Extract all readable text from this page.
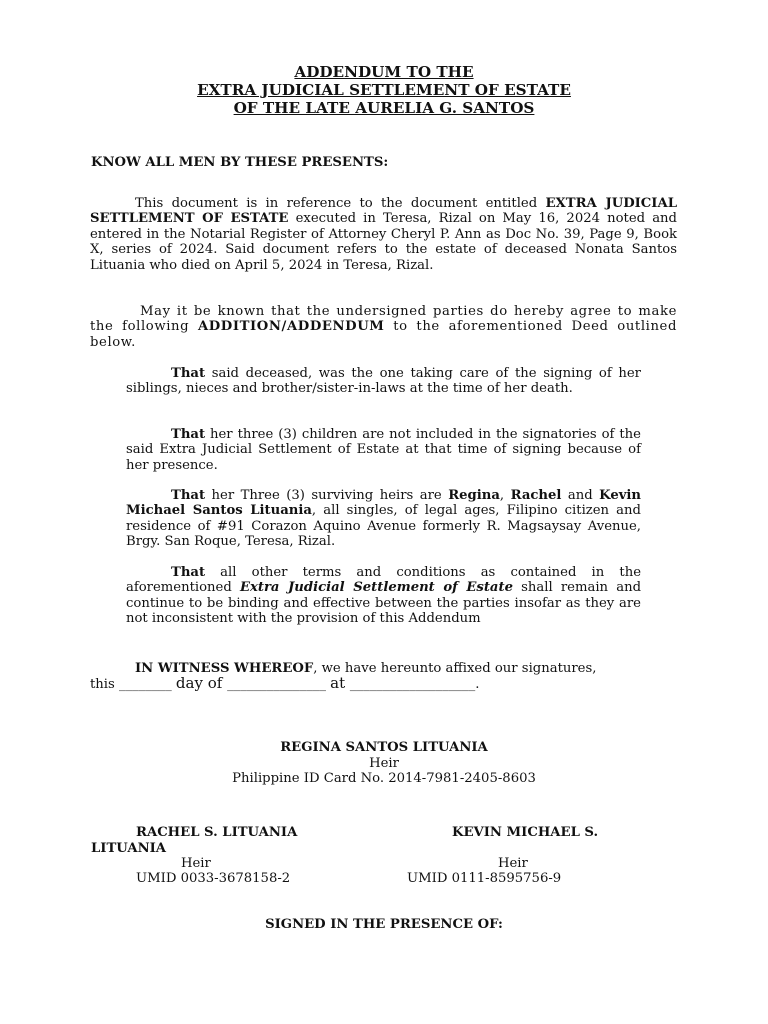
ADDENDUM TO THE
EXTRA JUDICIAL SETTLEMENT OF ESTATE
OF THE LATE AURELIA G. SANTOS
KNOW ALL MEN BY THESE PRESENTS:
This document is in reference to the document entitled EXTRA JUDICIAL SETTLEMENT OF ESTATE executed in Teresa, Rizal on May 16, 2024 noted and entered in the Notarial Register of Attorney Cheryl P. Ann as Doc No. 39, Page 9, Book X, series of 2024. Said document refers to the estate of deceased Nonata Santos Lituania who died on April 5, 2024 in Teresa, Rizal.
May it be known that the undersigned parties do hereby agree to make the following ADDITION/ADDENDUM to the aforementioned Deed outlined below.
That said deceased, was the one taking care of the signing of her siblings, nieces and brother/sister-in-laws at the time of her death.
That her three (3) children are not included in the signatories of the said Extra Judicial Settlement of Estate at that time of signing because of her presence.
That her Three (3) surviving heirs are Regina, Rachel and Kevin Michael Santos Lituania, all singles, of legal ages, Filipino citizen and residence of #91 Corazon Aquino Avenue formerly R. Magsaysay Avenue, Brgy. San Roque, Teresa, Rizal.
That all other terms and conditions as contained in the aforementioned Extra Judicial Settlement of Estate shall remain and continue to be binding and effective between the parties insofar as they are not inconsistent with the provision of this Addendum
IN WITNESS WHEREOF, we have hereunto affixed our signatures,
this ________ day of _______________ at ___________________.
REGINA SANTOS LITUANIA
Heir
Philippine ID Card No. 2014-7981-2405-8603
RACHEL S. LITUANIA
LITUANIA
Heir
UMID 0033-3678158-2
KEVIN MICHAEL S.
Heir
UMID 0111-8595756-9
SIGNED IN THE PRESENCE OF:
